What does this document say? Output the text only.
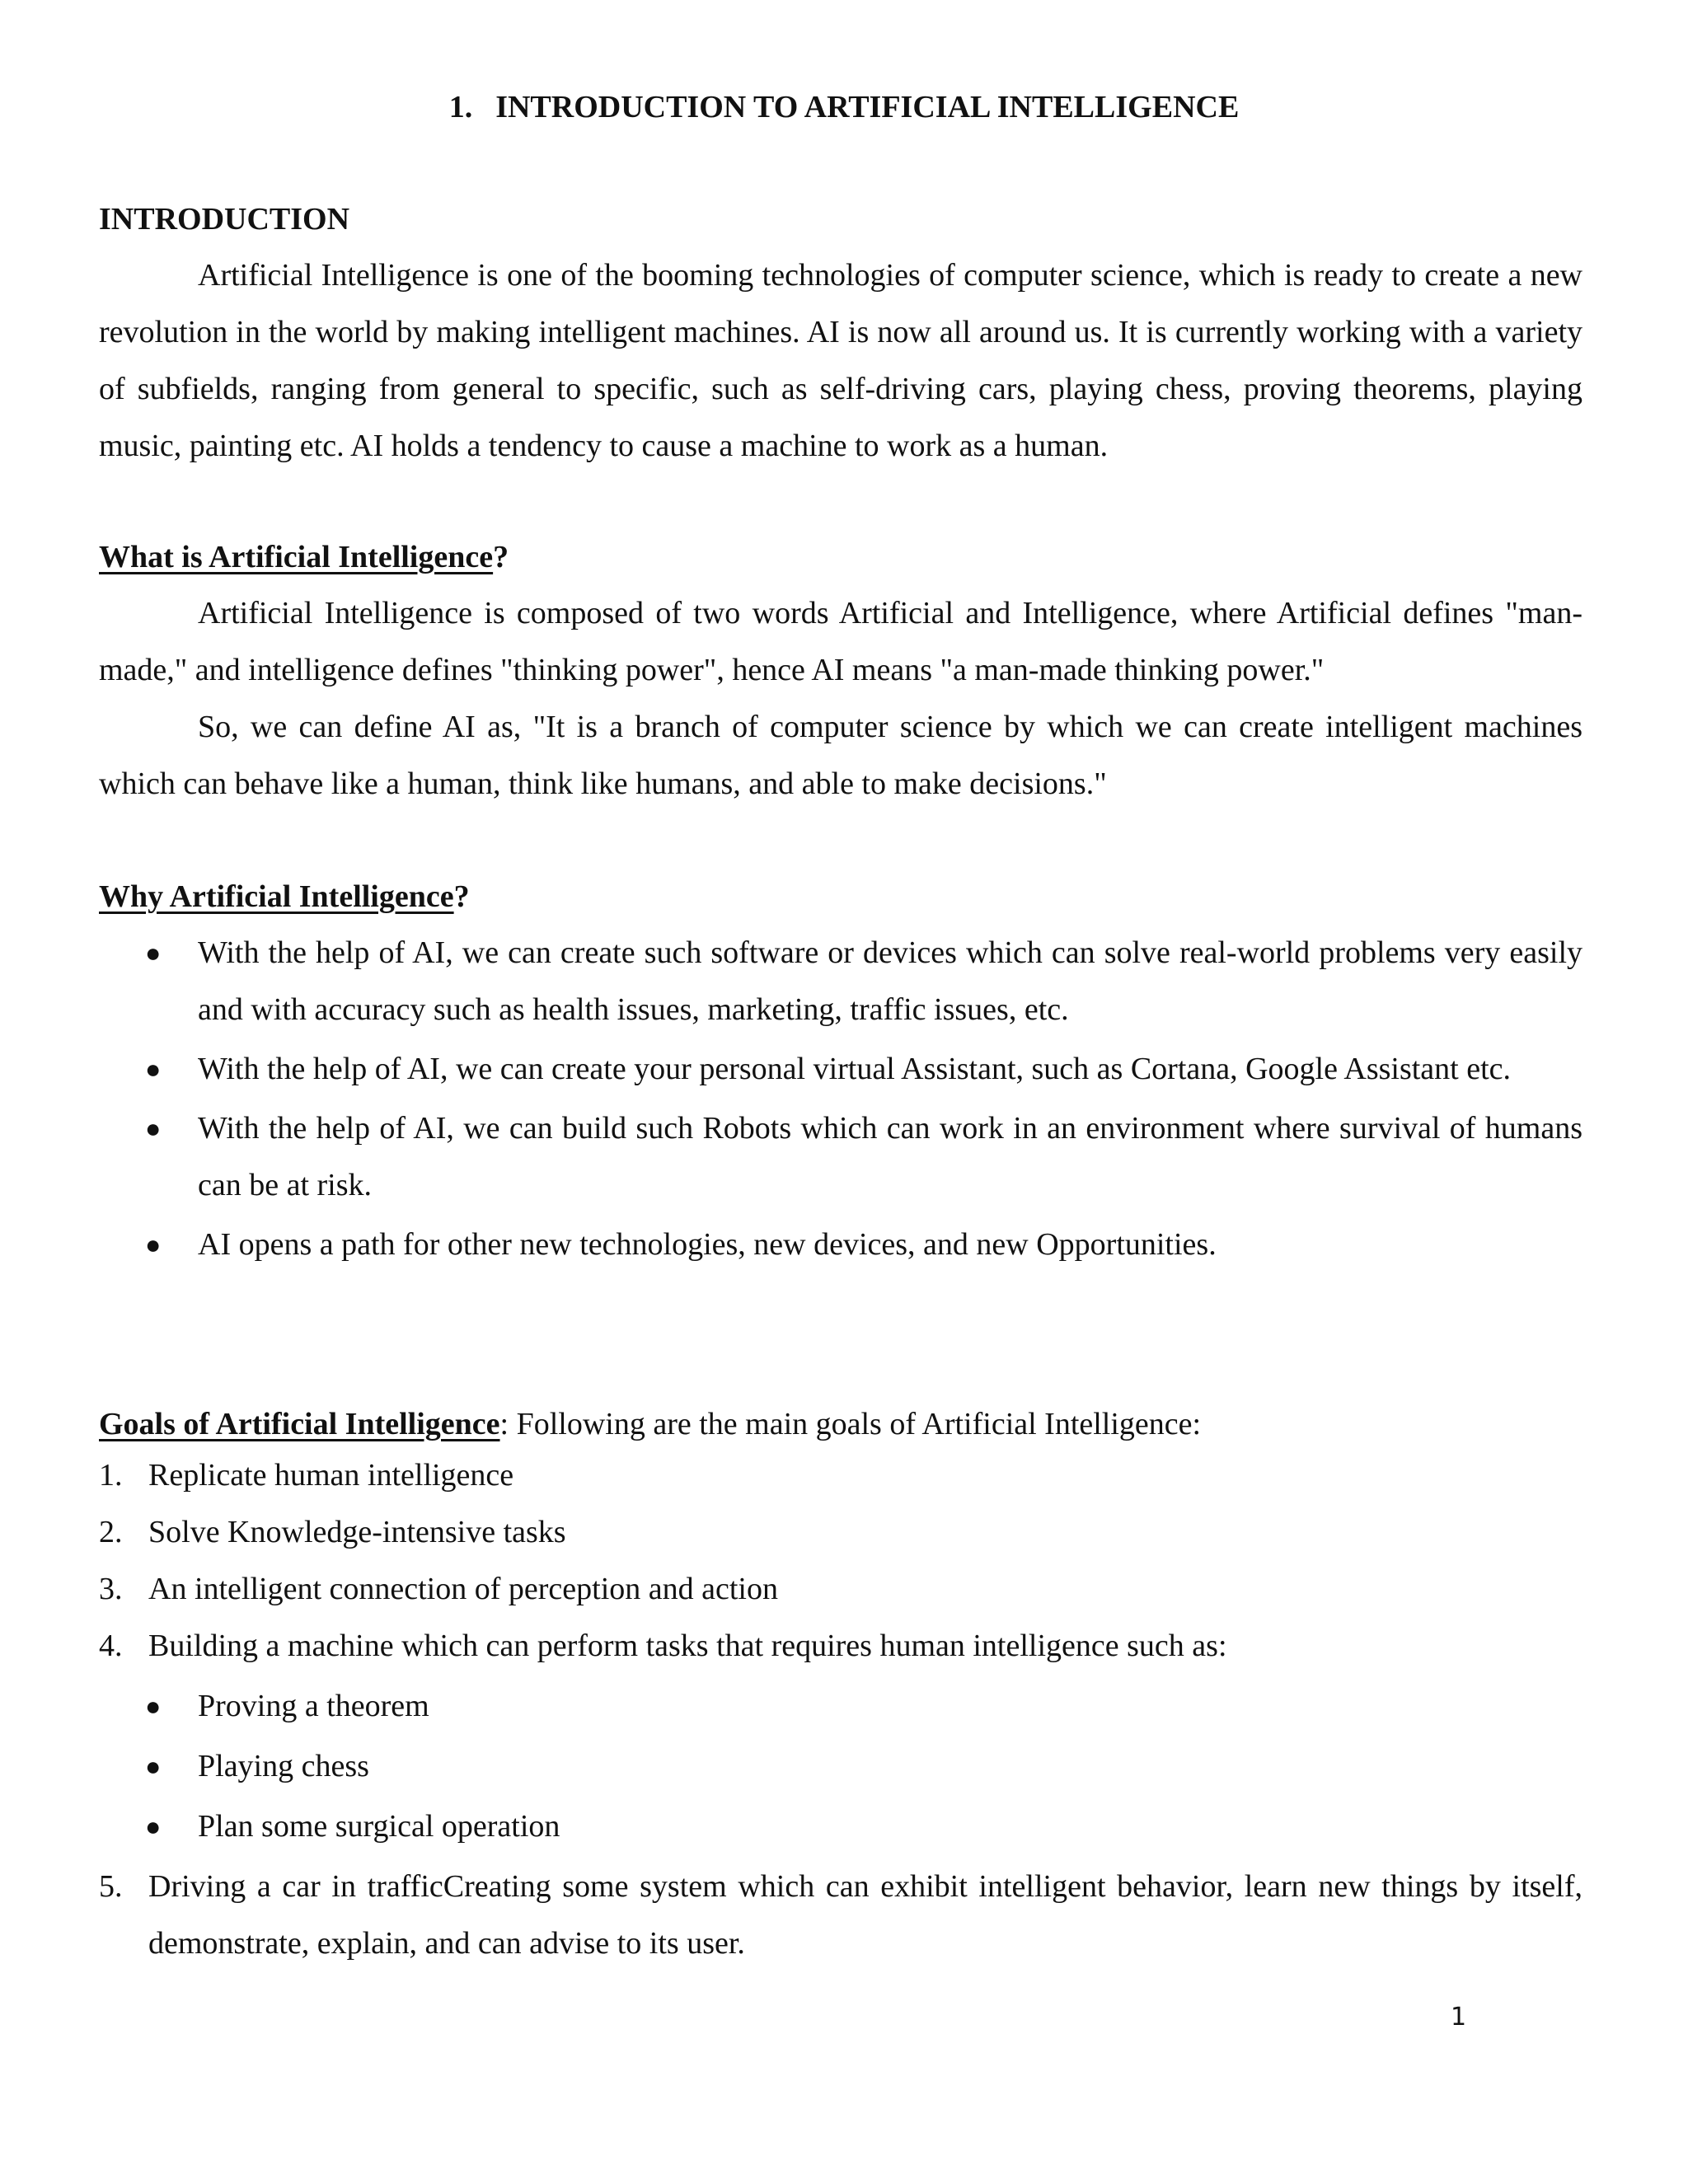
1. INTRODUCTION TO ARTIFICIAL INTELLIGENCE
INTRODUCTION

Artificial Intelligence is one of the booming technologies of computer science, which is ready to create a new revolution in the world by making intelligent machines. AI is now all around us. It is currently working with a variety of subfields, ranging from general to specific, such as self-driving cars, playing chess, proving theorems, playing music, painting etc. AI holds a tendency to cause a machine to work as a human.

What is Artificial Intelligence?

Artificial Intelligence is composed of two words Artificial and Intelligence, where Artificial defines "man-made," and intelligence defines "thinking power", hence AI means "a man-made thinking power."

So, we can define AI as, "It is a branch of computer science by which we can create intelligent machines which can behave like a human, think like humans, and able to make decisions."

Why Artificial Intelligence?
● With the help of AI, we can create such software or devices which can solve real-world problems very easily and with accuracy such as health issues, marketing, traffic issues, etc.
● With the help of AI, we can create your personal virtual Assistant, such as Cortana, Google Assistant etc.
● With the help of AI, we can build such Robots which can work in an environment where survival of humans can be at risk.
● AI opens a path for other new technologies, new devices, and new Opportunities.
Goals of Artificial Intelligence: Following are the main goals of Artificial Intelligence:
1. Replicate human intelligence
2. Solve Knowledge-intensive tasks
3. An intelligent connection of perception and action
4. Building a machine which can perform tasks that requires human intelligence such as:
● Proving a theorem
● Playing chess
● Plan some surgical operation
5. Driving a car in trafficCreating some system which can exhibit intelligent behavior, learn new things by itself, demonstrate, explain, and can advise to its user.
1
